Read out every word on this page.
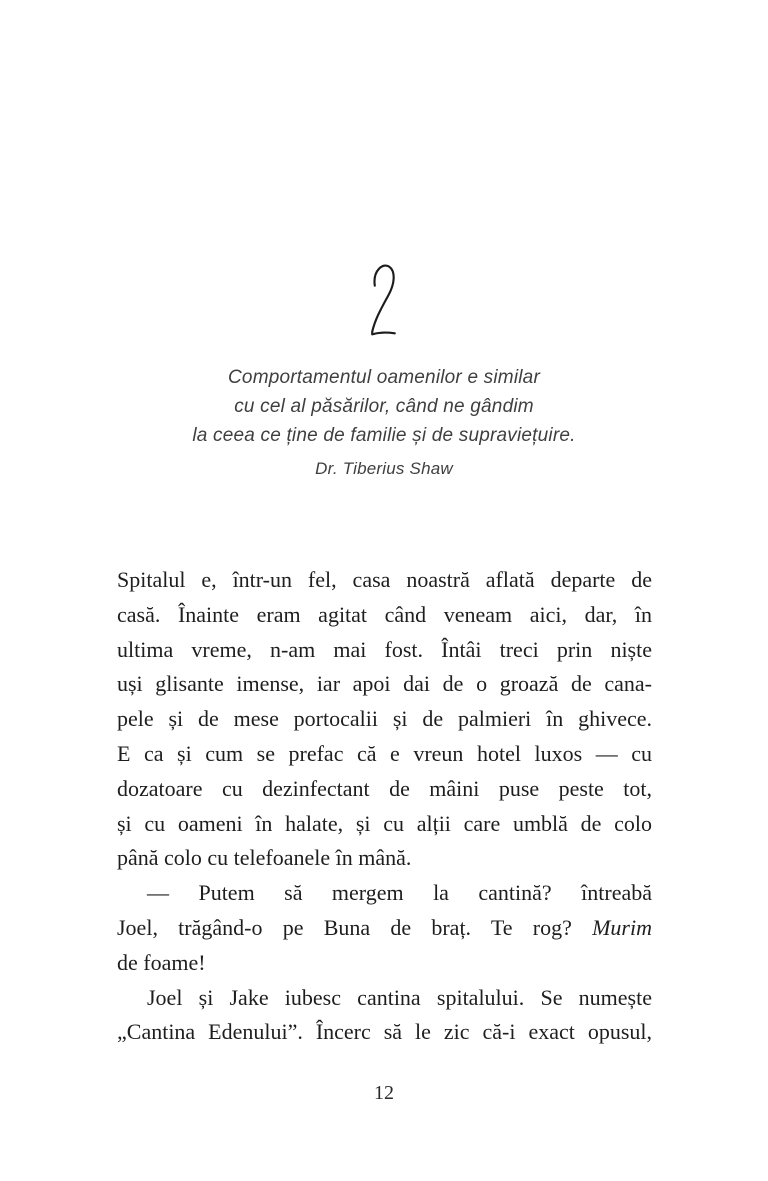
Comportamentul oamenilor e similar
cu cel al păsărilor, când ne gândim
la ceea ce ține de familie și de supraviețuire.
Dr. Tiberius Shaw
Spitalul e, într-un fel, casa noastră aflată departe de
casă. Înainte eram agitat când veneam aici, dar, în
ultima vreme, n-am mai fost. Întâi treci prin niște
uși glisante imense, iar apoi dai de o groază de cana-
pele și de mese portocalii și de palmieri în ghivece.
E ca și cum se prefac că e vreun hotel luxos — cu
dozatoare cu dezinfectant de mâini puse peste tot,
și cu oameni în halate, și cu alții care umblă de colo
până colo cu telefoanele în mână.
— Putem să mergem la cantină? întreabă
Joel, trăgând-o pe Buna de braț. Te rog? Murim
de foame!
Joel și Jake iubesc cantina spitalului. Se numește
„Cantina Edenului”. Încerc să le zic că-i exact opusul,
12
